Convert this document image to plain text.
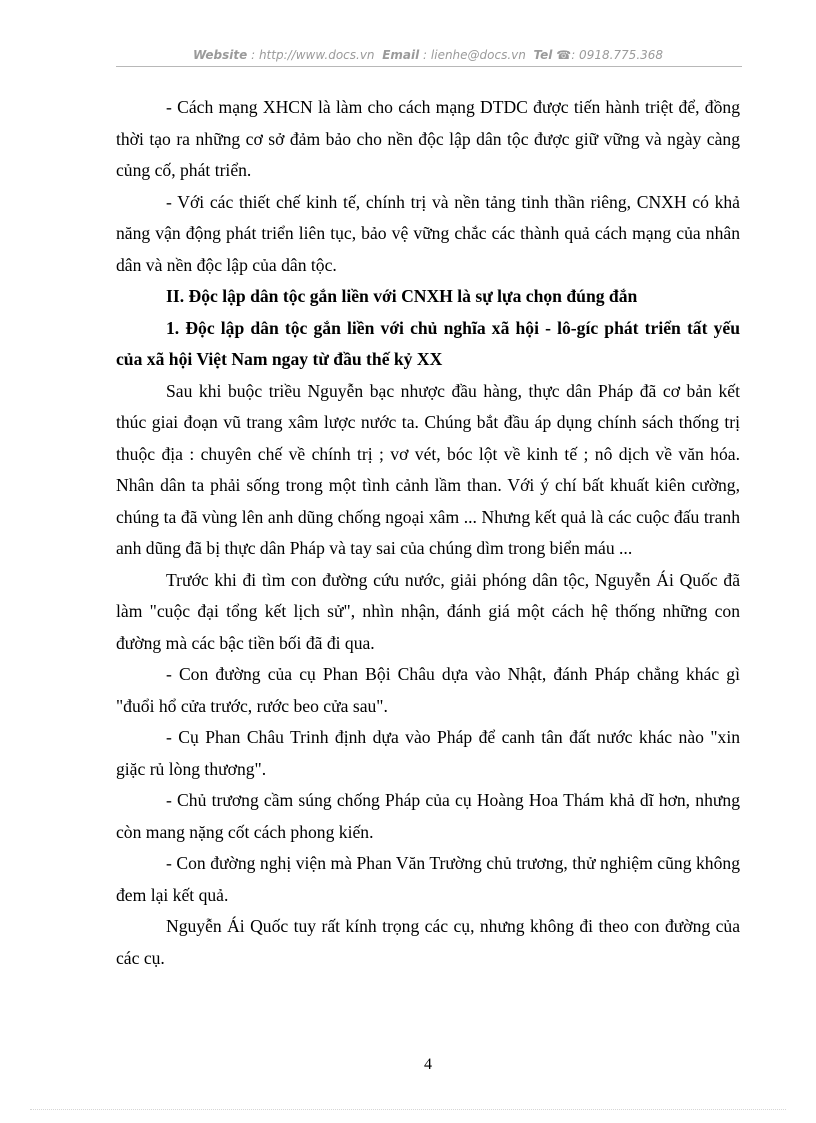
Website : http://www.docs.vn Email : lienhe@docs.vn Tel ☎: 0918.775.368

- Cách mạng XHCN là làm cho cách mạng DTDC được tiến hành triệt để, đồng thời tạo ra những cơ sở đảm bảo cho nền độc lập dân tộc được giữ vững và ngày càng củng cố, phát triển.

- Với các thiết chế kinh tế, chính trị và nền tảng tinh thần riêng, CNXH có khả năng vận động phát triển liên tục, bảo vệ vững chắc các thành quả cách mạng của nhân dân và nền độc lập của dân tộc.

II. Độc lập dân tộc gắn liền với CNXH là sự lựa chọn đúng đắn

1. Độc lập dân tộc gắn liền với chủ nghĩa xã hội - lô-gíc phát triển tất yếu của xã hội Việt Nam ngay từ đầu thế kỷ XX

Sau khi buộc triều Nguyễn bạc nhược đầu hàng, thực dân Pháp đã cơ bản kết thúc giai đoạn vũ trang xâm lược nước ta. Chúng bắt đầu áp dụng chính sách thống trị thuộc địa : chuyên chế về chính trị ; vơ vét, bóc lột về kinh tế ; nô dịch về văn hóa. Nhân dân ta phải sống trong một tình cảnh lầm than. Với ý chí bất khuất kiên cường, chúng ta đã vùng lên anh dũng chống ngoại xâm ... Nhưng kết quả là các cuộc đấu tranh anh dũng đã bị thực dân Pháp và tay sai của chúng dìm trong biển máu ...

Trước khi đi tìm con đường cứu nước, giải phóng dân tộc, Nguyễn Ái Quốc đã làm "cuộc đại tổng kết lịch sử", nhìn nhận, đánh giá một cách hệ thống những con đường mà các bậc tiền bối đã đi qua.

- Con đường của cụ Phan Bội Châu dựa vào Nhật, đánh Pháp chẳng khác gì "đuổi hổ cửa trước, rước beo cửa sau".

- Cụ Phan Châu Trinh định dựa vào Pháp để canh tân đất nước khác nào "xin giặc rủ lòng thương".

- Chủ trương cầm súng chống Pháp của cụ Hoàng Hoa Thám khả dĩ hơn, nhưng còn mang nặng cốt cách phong kiến.

- Con đường nghị viện mà Phan Văn Trường chủ trương, thử nghiệm cũng không đem lại kết quả.

Nguyễn Ái Quốc tuy rất kính trọng các cụ, nhưng không đi theo con đường của các cụ.

4
